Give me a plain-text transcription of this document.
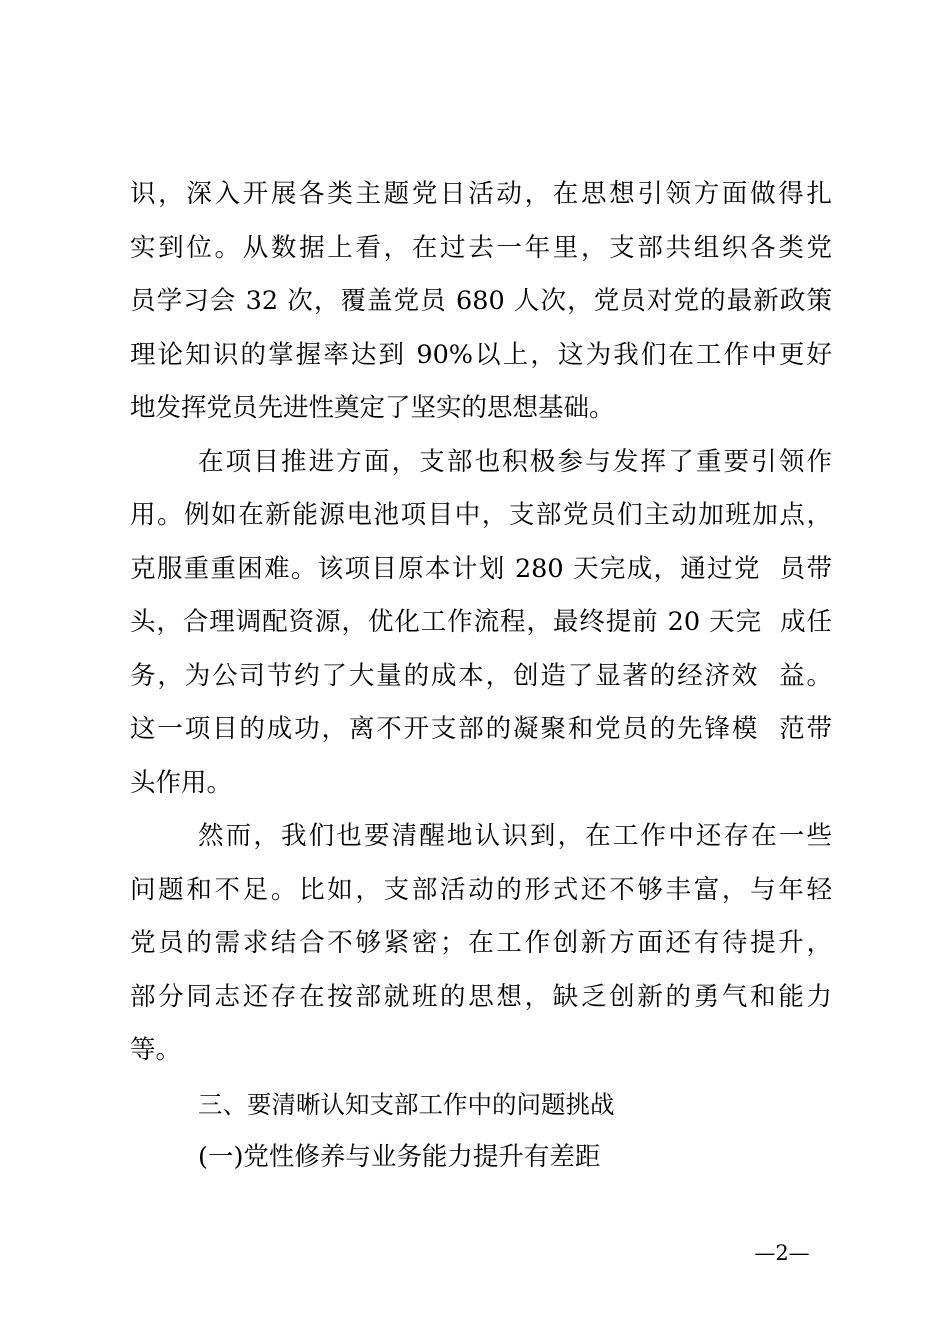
识，深入开展各类主题党日活动，在思想引领方面做得扎
实到位。从数据上看，在过去一年里，支部共组织各类党
员学习会 32 次，覆盖党员 680 人次，党员对党的最新政策
理论知识的掌握率达到 90%以上，这为我们在工作中更好
地发挥党员先进性奠定了坚实的思想基础。
在项目推进方面，支部也积极参与发挥了重要引领作
用。例如在新能源电池项目中，支部党员们主动加班加点，
克服重重困难。该项目原本计划 280 天完成，通过党  员带
头，合理调配资源，优化工作流程，最终提前 20 天完  成任
务，为公司节约了大量的成本，创造了显著的经济效  益。
这一项目的成功，离不开支部的凝聚和党员的先锋模  范带
头作用。
然而，我们也要清醒地认识到，在工作中还存在一些
问题和不足。比如，支部活动的形式还不够丰富，与年轻
党员的需求结合不够紧密；在工作创新方面还有待提升，
部分同志还存在按部就班的思想，缺乏创新的勇气和能力
等。
三、要清晰认知支部工作中的问题挑战
(一)党性修养与业务能力提升有差距
—2—
